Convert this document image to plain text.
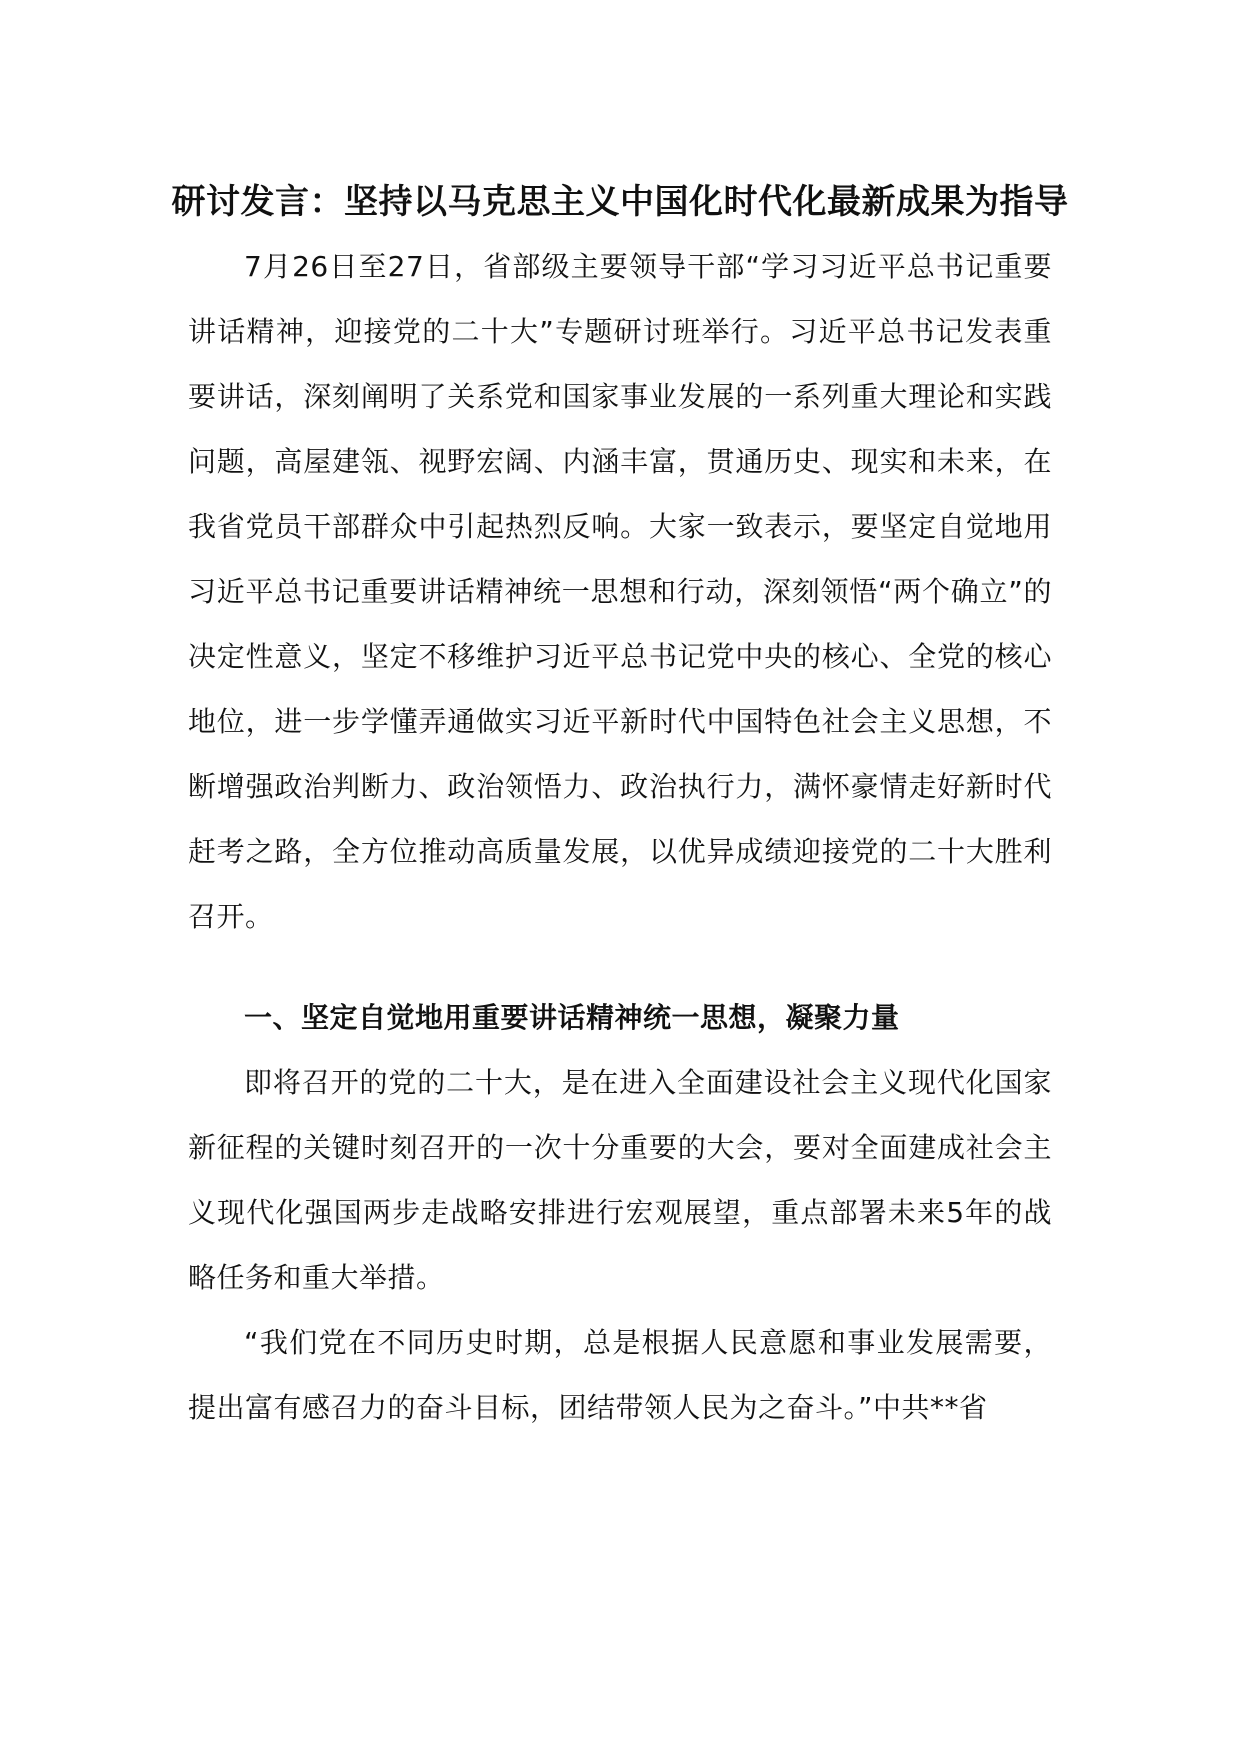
研讨发言：坚持以马克思主义中国化时代化最新成果为指导

7月26日至27日，省部级主要领导干部“学习习近平总书记重要讲话精神，迎接党的二十大”专题研讨班举行。习近平总书记发表重要讲话，深刻阐明了关系党和国家事业发展的一系列重大理论和实践问题，高屋建瓴、视野宏阔、内涵丰富，贯通历史、现实和未来，在我省党员干部群众中引起热烈反响。大家一致表示，要坚定自觉地用习近平总书记重要讲话精神统一思想和行动，深刻领悟“两个确立”的决定性意义，坚定不移维护习近平总书记党中央的核心、全党的核心地位，进一步学懂弄通做实习近平新时代中国特色社会主义思想，不断增强政治判断力、政治领悟力、政治执行力，满怀豪情走好新时代赶考之路，全方位推动高质量发展，以优异成绩迎接党的二十大胜利召开。

一、坚定自觉地用重要讲话精神统一思想，凝聚力量

即将召开的党的二十大，是在进入全面建设社会主义现代化国家新征程的关键时刻召开的一次十分重要的大会，要对全面建成社会主义现代化强国两步走战略安排进行宏观展望，重点部署未来5年的战略任务和重大举措。

“我们党在不同历史时期，总是根据人民意愿和事业发展需要，提出富有感召力的奋斗目标，团结带领人民为之奋斗。”中共**省
